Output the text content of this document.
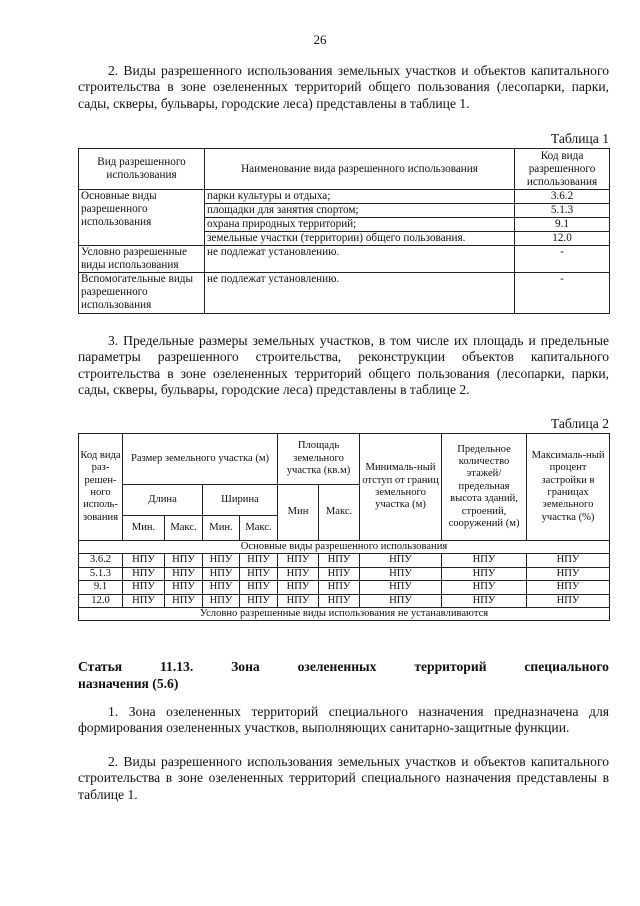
26

2. Виды разрешенного использования земельных участков и объектов капитального строительства в зоне озелененных территорий общего пользования (лесопарки, парки, сады, скверы, бульвары, городские леса) представлены в таблице 1.

Таблица 1
Вид разрешенного использования	Наименование вида разрешенного использования	Код вида разрешенного использования
Основные виды разрешенного использования	парки культуры и отдыха;	3.6.2
	площадки для занятия спортом;	5.1.3
	охрана природных территорий;	9.1
	земельные участки (территории) общего пользования.	12.0
Условно разрешенные виды использования	не подлежат установлению.	-
Вспомогательные виды разрешенного использования	не подлежат установлению.	-

3. Предельные размеры земельных участков, в том числе их площадь и предельные параметры разрешенного строительства, реконструкции объектов капитального строительства в зоне озелененных территорий общего пользования (лесопарки, парки, сады, скверы, бульвары, городские леса) представлены в таблице 2.

Таблица 2
Код вида раз-решен-ного исполь-зования	Размер земельного участка (м)				Площадь земельного участка (кв.м)		Минималь-ный отступ от границ земельного участка (м)	Предельное количество этажей/ предельная высота зданий, строений, сооружений (м)	Максималь-ный процент застройки в границах земельного участка (%)
	Длина		Ширина		Мин	Макс.			
	Мин.	Макс.	Мин.	Макс.					
Основные виды разрешенного использования									
3.6.2	НПУ	НПУ	НПУ	НПУ	НПУ	НПУ	НПУ	НПУ	НПУ
5.1.3	НПУ	НПУ	НПУ	НПУ	НПУ	НПУ	НПУ	НПУ	НПУ
9.1	НПУ	НПУ	НПУ	НПУ	НПУ	НПУ	НПУ	НПУ	НПУ
12.0	НПУ	НПУ	НПУ	НПУ	НПУ	НПУ	НПУ	НПУ	НПУ
Условно разрешенные виды использования не устанавливаются									
Статья	11.13.	Зона	озелененных	территорий	специального
назначения (5.6)

1. Зона озелененных территорий специального назначения предназначена для формирования озелененных участков, выполняющих санитарно-защитные функции.

2. Виды разрешенного использования земельных участков и объектов капитального строительства в зоне озелененных территорий специального назначения представлены в таблице 1.
